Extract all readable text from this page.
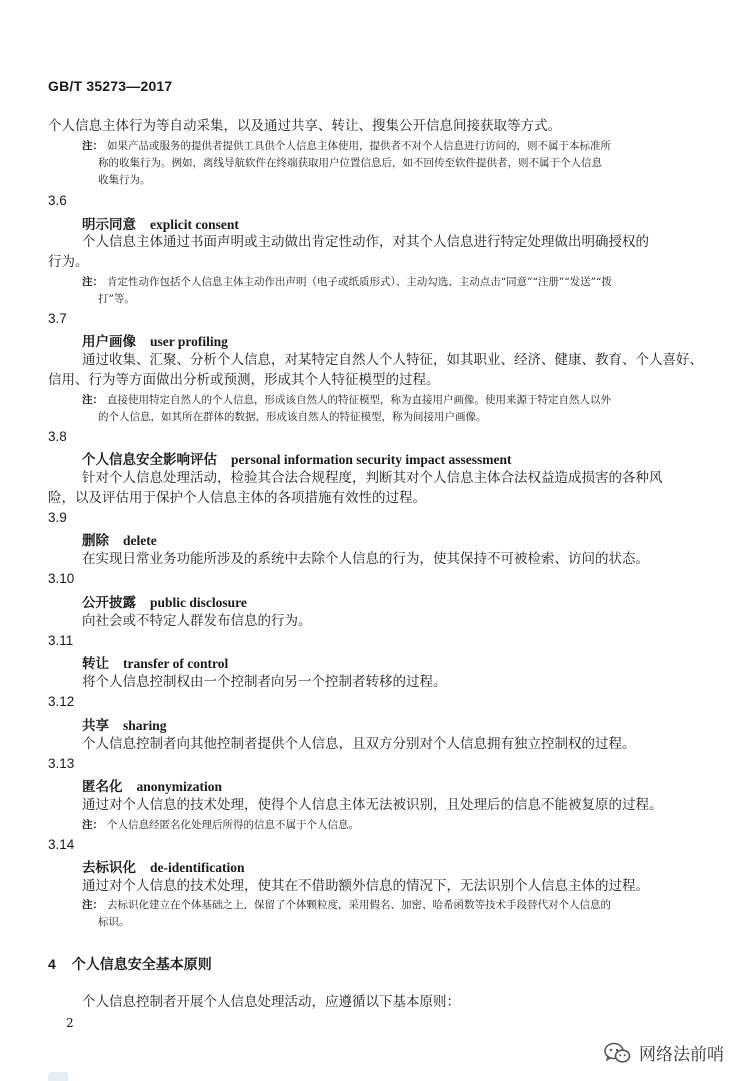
GB/T 35273—2017
个人信息主体行为等自动采集，以及通过共享、转让、搜集公开信息间接获取等方式。
注： 如果产品或服务的提供者提供工具供个人信息主体使用，提供者不对个人信息进行访问的，则不属于本标准所
称的收集行为。例如，离线导航软件在终端获取用户位置信息后，如不回传至软件提供者，则不属于个人信息
收集行为。
3.6
明示同意 explicit consent
个人信息主体通过书面声明或主动做出肯定性动作，对其个人信息进行特定处理做出明确授权的
行为。
注： 肯定性动作包括个人信息主体主动作出声明（电子或纸质形式）、主动勾选、主动点击“同意”“注册”“发送”“拨
打”等。
3.7
用户画像 user profiling
通过收集、汇聚、分析个人信息，对某特定自然人个人特征，如其职业、经济、健康、教育、个人喜好、
信用、行为等方面做出分析或预测，形成其个人特征模型的过程。
注： 直接使用特定自然人的个人信息，形成该自然人的特征模型，称为直接用户画像。使用来源于特定自然人以外
的个人信息，如其所在群体的数据，形成该自然人的特征模型，称为间接用户画像。
3.8
个人信息安全影响评估 personal information security impact assessment
针对个人信息处理活动，检验其合法合规程度，判断其对个人信息主体合法权益造成损害的各种风
险，以及评估用于保护个人信息主体的各项措施有效性的过程。
3.9
删除 delete
在实现日常业务功能所涉及的系统中去除个人信息的行为，使其保持不可被检索、访问的状态。
3.10
公开披露 public disclosure
向社会或不特定人群发布信息的行为。
3.11
转让 transfer of control
将个人信息控制权由一个控制者向另一个控制者转移的过程。
3.12
共享 sharing
个人信息控制者向其他控制者提供个人信息，且双方分别对个人信息拥有独立控制权的过程。
3.13
匿名化 anonymization
通过对个人信息的技术处理，使得个人信息主体无法被识别，且处理后的信息不能被复原的过程。
注： 个人信息经匿名化处理后所得的信息不属于个人信息。
3.14
去标识化 de-identification
通过对个人信息的技术处理，使其在不借助额外信息的情况下，无法识别个人信息主体的过程。
注： 去标识化建立在个体基础之上，保留了个体颗粒度，采用假名、加密、哈希函数等技术手段替代对个人信息的
标识。
4 个人信息安全基本原则
个人信息控制者开展个人信息处理活动，应遵循以下基本原则：
2
网络法前哨
